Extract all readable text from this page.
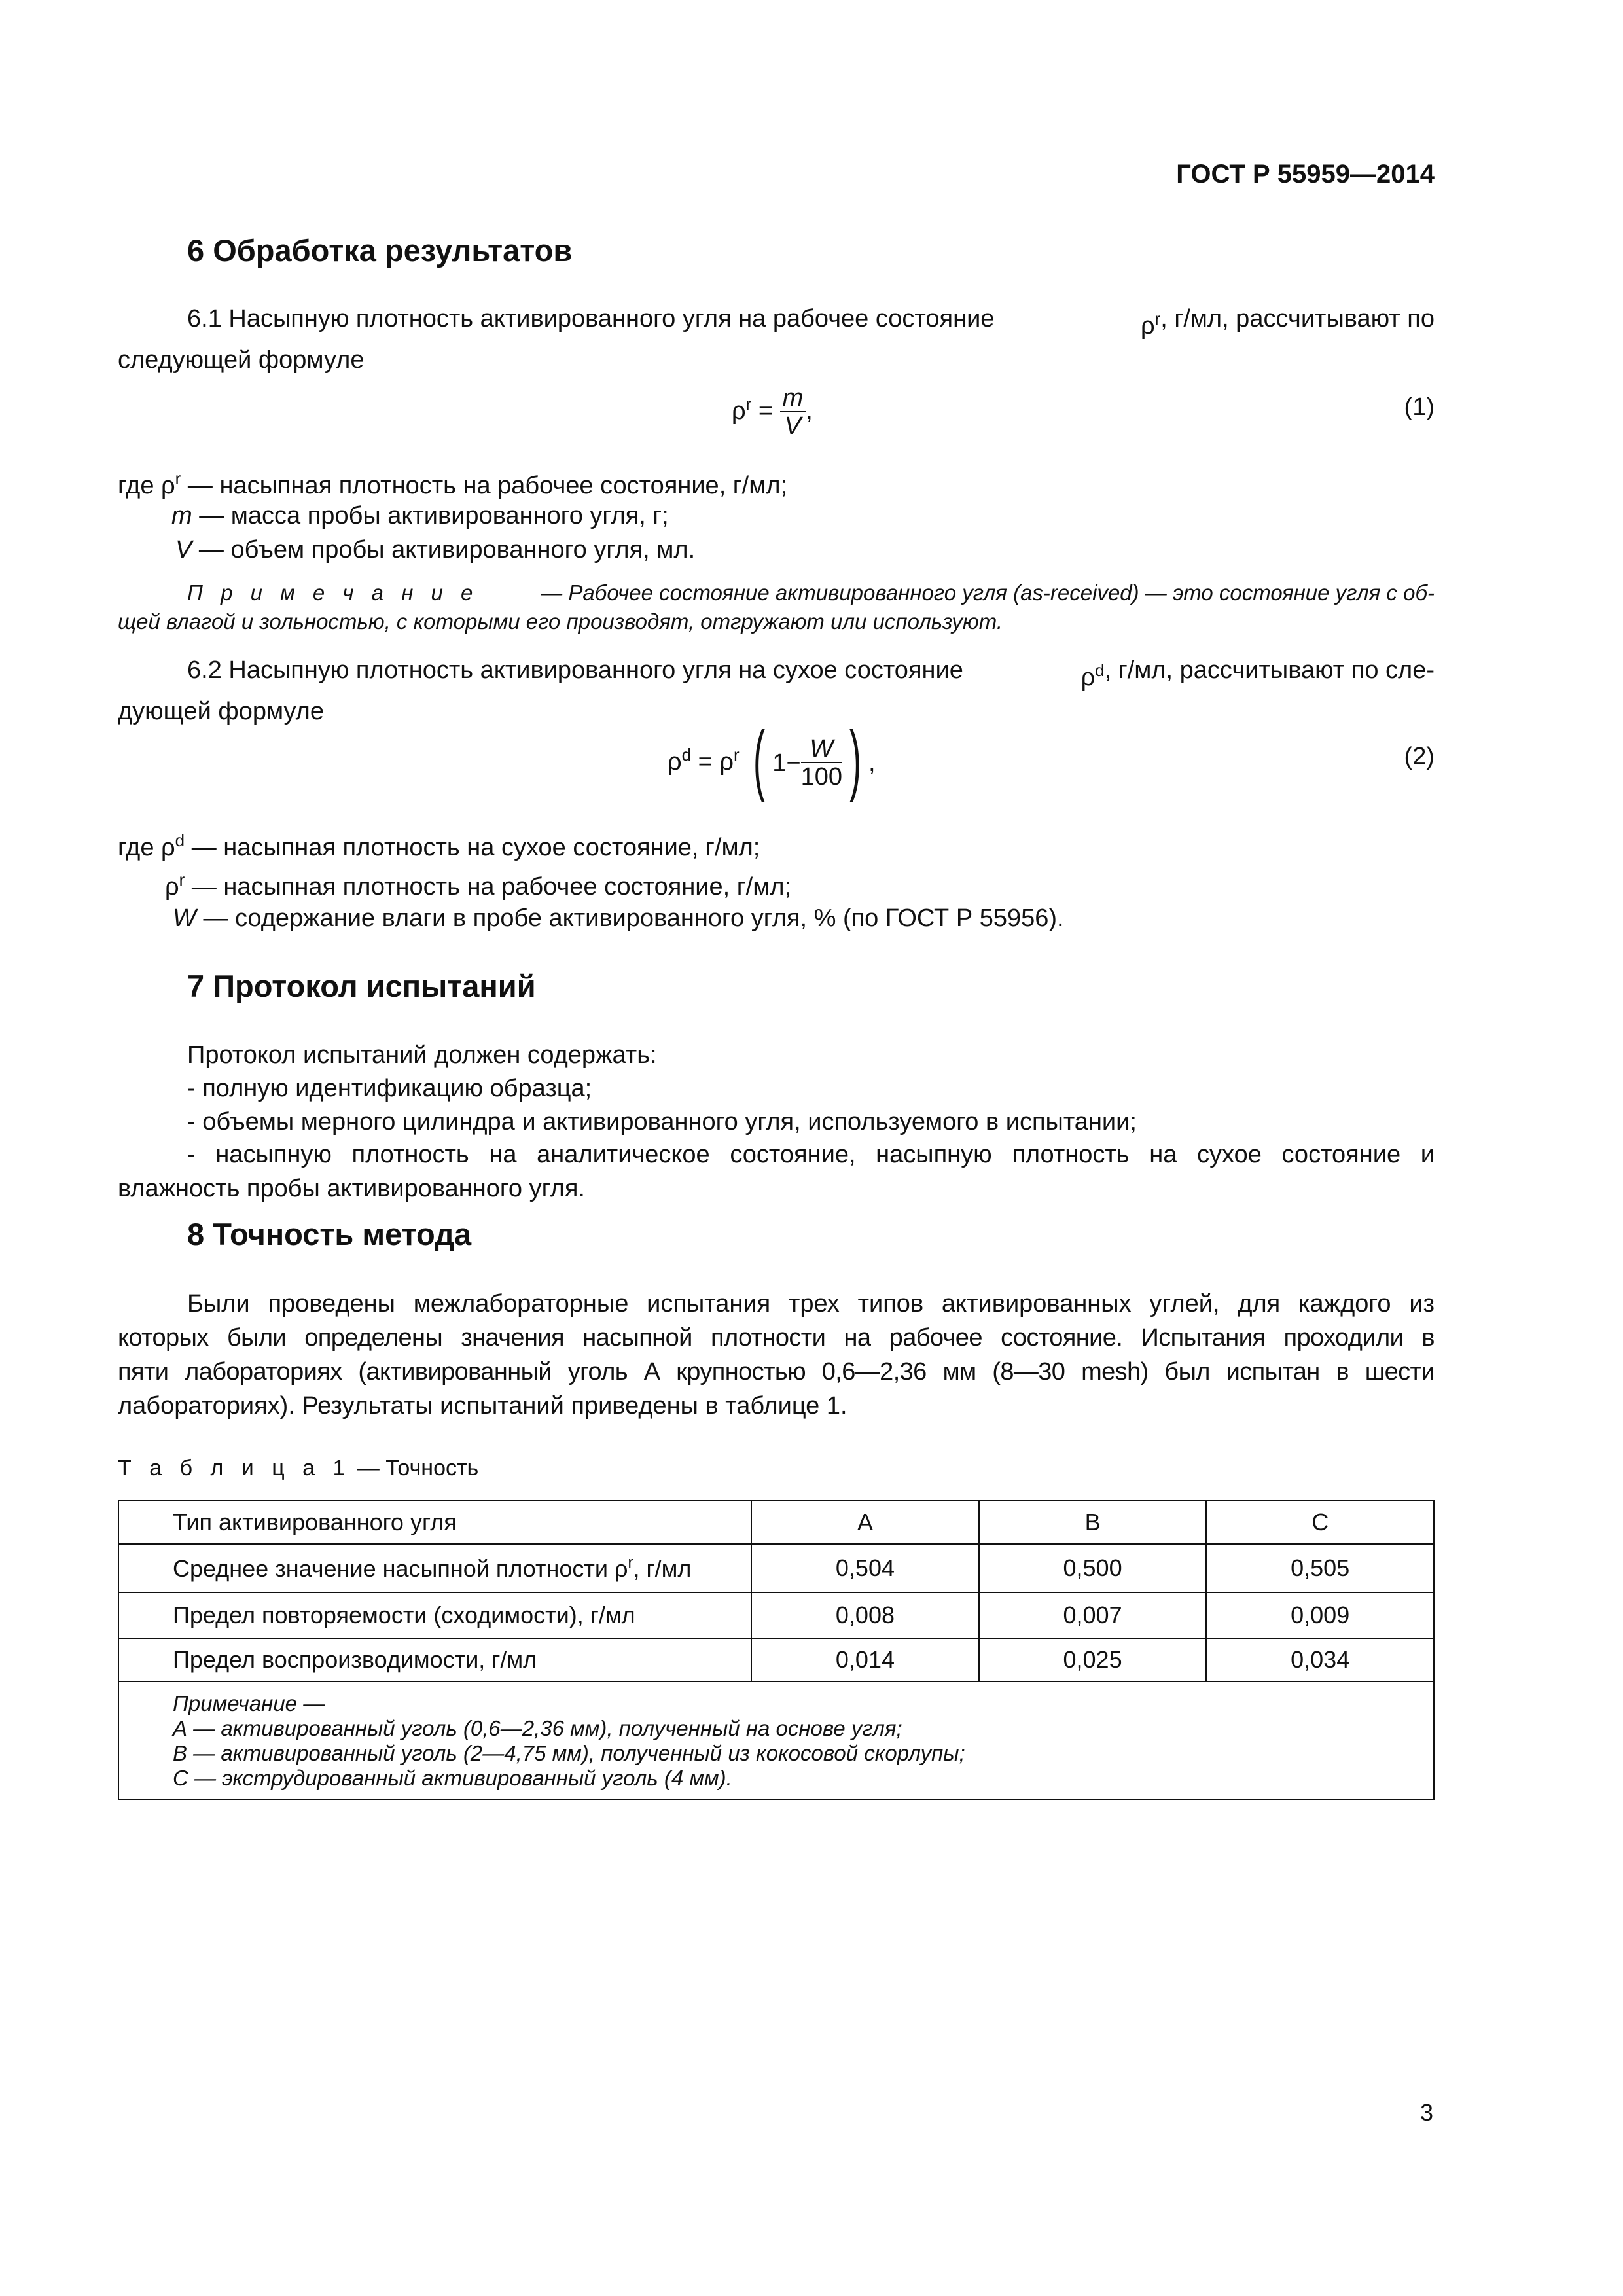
ГОСТ Р 55959—2014
6 Обработка результатов
6.1 Насыпную плотность активированного угля на рабочее состояние	$\rho^r$ , г/мл, рассчитывают по
следующей формуле
$\rho^r = \frac{m}{V}$ ,	(1)
где $\rho^r$ — насыпная плотность на рабочее состояние, г/мл;
m — масса пробы активированного угля, г;
V — объем пробы активированного угля, мл.
П р и м е ч а н и е	— Рабочее состояние активированного угля (as-received) — это состояние угля с об-
щей влагой и зольностью, с которыми его производят, отгружают или используют.
6.2 Насыпную плотность активированного угля на сухое состояние	$\rho^d$ , г/мл, рассчитывают по сле-
дующей формуле
$\rho^d = \rho^r$ ( $1- \frac{W}{100}$ ) ,	(2)
где $\rho^d$ — насыпная плотность на сухое состояние, г/мл;
$\rho^r$ — насыпная плотность на рабочее состояние, г/мл;
W — содержание влаги в пробе активированного угля, % (по ГОСТ Р 55956).
7 Протокол испытаний
Протокол испытаний должен содержать:
- полную идентификацию образца;
- объемы мерного цилиндра и активированного угля, используемого в испытании;
- насыпную плотность на аналитическое состояние, насыпную плотность на сухое состояние и
влажность пробы активированного угля.
8 Точность метода
Были проведены межлабораторные испытания трех типов активированных углей, для каждого из
которых были определены значения насыпной плотности на рабочее состояние. Испытания проходили в
пяти лабораториях (активированный уголь А крупностью 0,6—2,36 мм (8—30 mesh) был испытан в шести
лабораториях). Результаты испытаний приведены в таблице 1.
Т а б л и ц а 1 — Точность
Тип активированного угля	A	B	C
Среднее значение насыпной плотности $\rho^r$, г/мл	0,504	0,500	0,505
Предел повторяемости (сходимости), г/мл	0,008	0,007	0,009
Предел воспроизводимости, г/мл	0,014	0,025	0,034

Примечание —
А — активированный уголь (0,6—2,36 мм), полученный на основе угля;
В — активированный уголь (2—4,75 мм), полученный из кокосовой скорлупы;
С — экструдированный активированный уголь (4 мм).			
3
